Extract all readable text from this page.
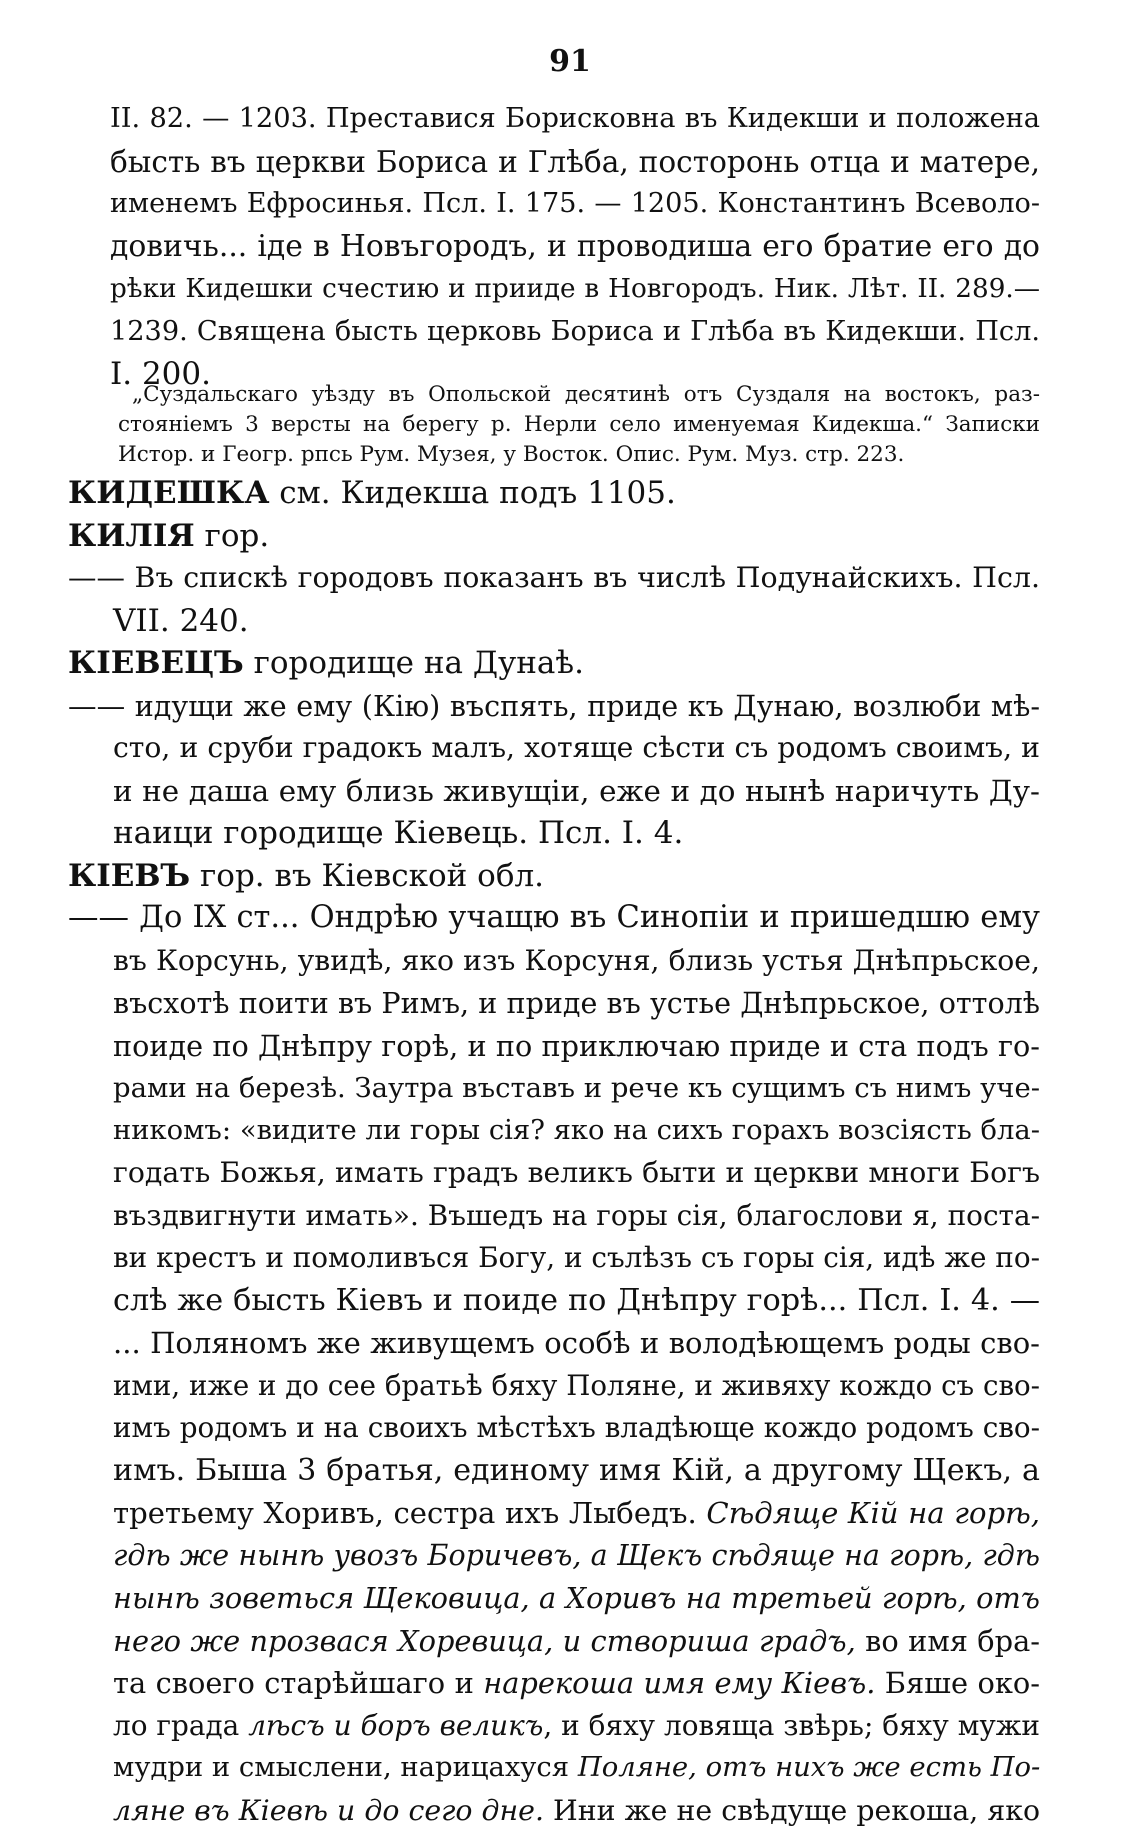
91
II. 82. — 1203. Преставися Борисковна въ Кидекши и положена
бысть въ церкви Бориса и Глѣба, посторонь отца и матере,
именемъ Ефросинья. Псл. I. 175. — 1205. Константинъ Всеволо-
довичь... іде в Новъгородъ, и проводиша его братие его до
рѣки Кидешки счестию и прииде в Новгородъ. Ник. Лѣт. II. 289.—
1239. Священа бысть церковь Бориса и Глѣба въ Кидекши. Псл.
I. 200.
„Суздальскаго уѣзду въ Опольской десятинѣ отъ Суздаля на востокъ, раз-
стояніемъ 3 версты на берегу р. Нерли село именуемая Кидекша.“ Записки
Истор. и Геогр. рпсь Рум. Музея, у Восток. Опис. Рум. Муз. стр. 223.
КИДЕШКА см. Кидекша подъ 1105.
КИЛІЯ гор.
—— Въ спискѣ городовъ показанъ въ числѣ Подунайскихъ. Псл.
VII. 240.
КІЕВЕЦЪ городище на Дунаѣ.
—— идущи же ему (Кію) въспять, приде къ Дунаю, возлюби мѣ-
сто, и сруби градокъ малъ, хотяще сѣсти съ родомъ своимъ, и
и не даша ему близь живущіи, еже и до нынѣ наричуть Ду-
наици городище Кіевець. Псл. I. 4.
КІЕВЪ гор. въ Кіевской обл.
—— До IX ст... Ондрѣю учащю въ Синопіи и пришедшю ему
въ Корсунь, увидѣ, яко изъ Корсуня, близь устья Днѣпрьское,
въсхотѣ поити въ Римъ, и приде въ устье Днѣпрьское, оттолѣ
поиде по Днѣпру горѣ, и по приключаю приде и ста подъ го-
рами на березѣ. Заутра въставъ и рече къ сущимъ съ нимъ уче-
никомъ: «видите ли горы сія? яко на сихъ горахъ возсіясть бла-
годать Божья, имать градъ великъ быти и церкви многи Богъ
въздвигнути имать». Въшедъ на горы сія, благослови я, поста-
ви крестъ и помоливъся Богу, и сълѣзъ съ горы сія, идѣ же по-
слѣ же бысть Кіевъ и поиде по Днѣпру горѣ... Псл. I. 4. —
... Поляномъ же живущемъ особѣ и володѣющемъ роды сво-
ими, иже и до сее братьѣ бяху Поляне, и живяху кождо съ сво-
имъ родомъ и на своихъ мѣстѣхъ владѣюще кождо родомъ сво-
имъ. Быша 3 братья, единому имя Кій, а другому Щекъ, а
третьему Хоривъ, сестра ихъ Лыбедъ. Сѣдяще Кій на горѣ,
гдѣ же нынѣ увозъ Боричевъ, а Щекъ сѣдяще на горѣ, гдѣ
нынѣ зоветься Щековица, а Хоривъ на третьей горѣ, отъ
него же прозвася Хоревица, и створиша градъ, во имя бра-
та своего старѣйшаго и нарекоша имя ему Кіевъ. Бяше око-
ло града лѣсъ и боръ великъ, и бяху ловяща звѣрь; бяху мужи
мудри и смыслени, нарицахуся Поляне, отъ нихъ же есть По-
ляне въ Кіевѣ и до сего дне. Ини же не свѣдуще рекоша, яко
